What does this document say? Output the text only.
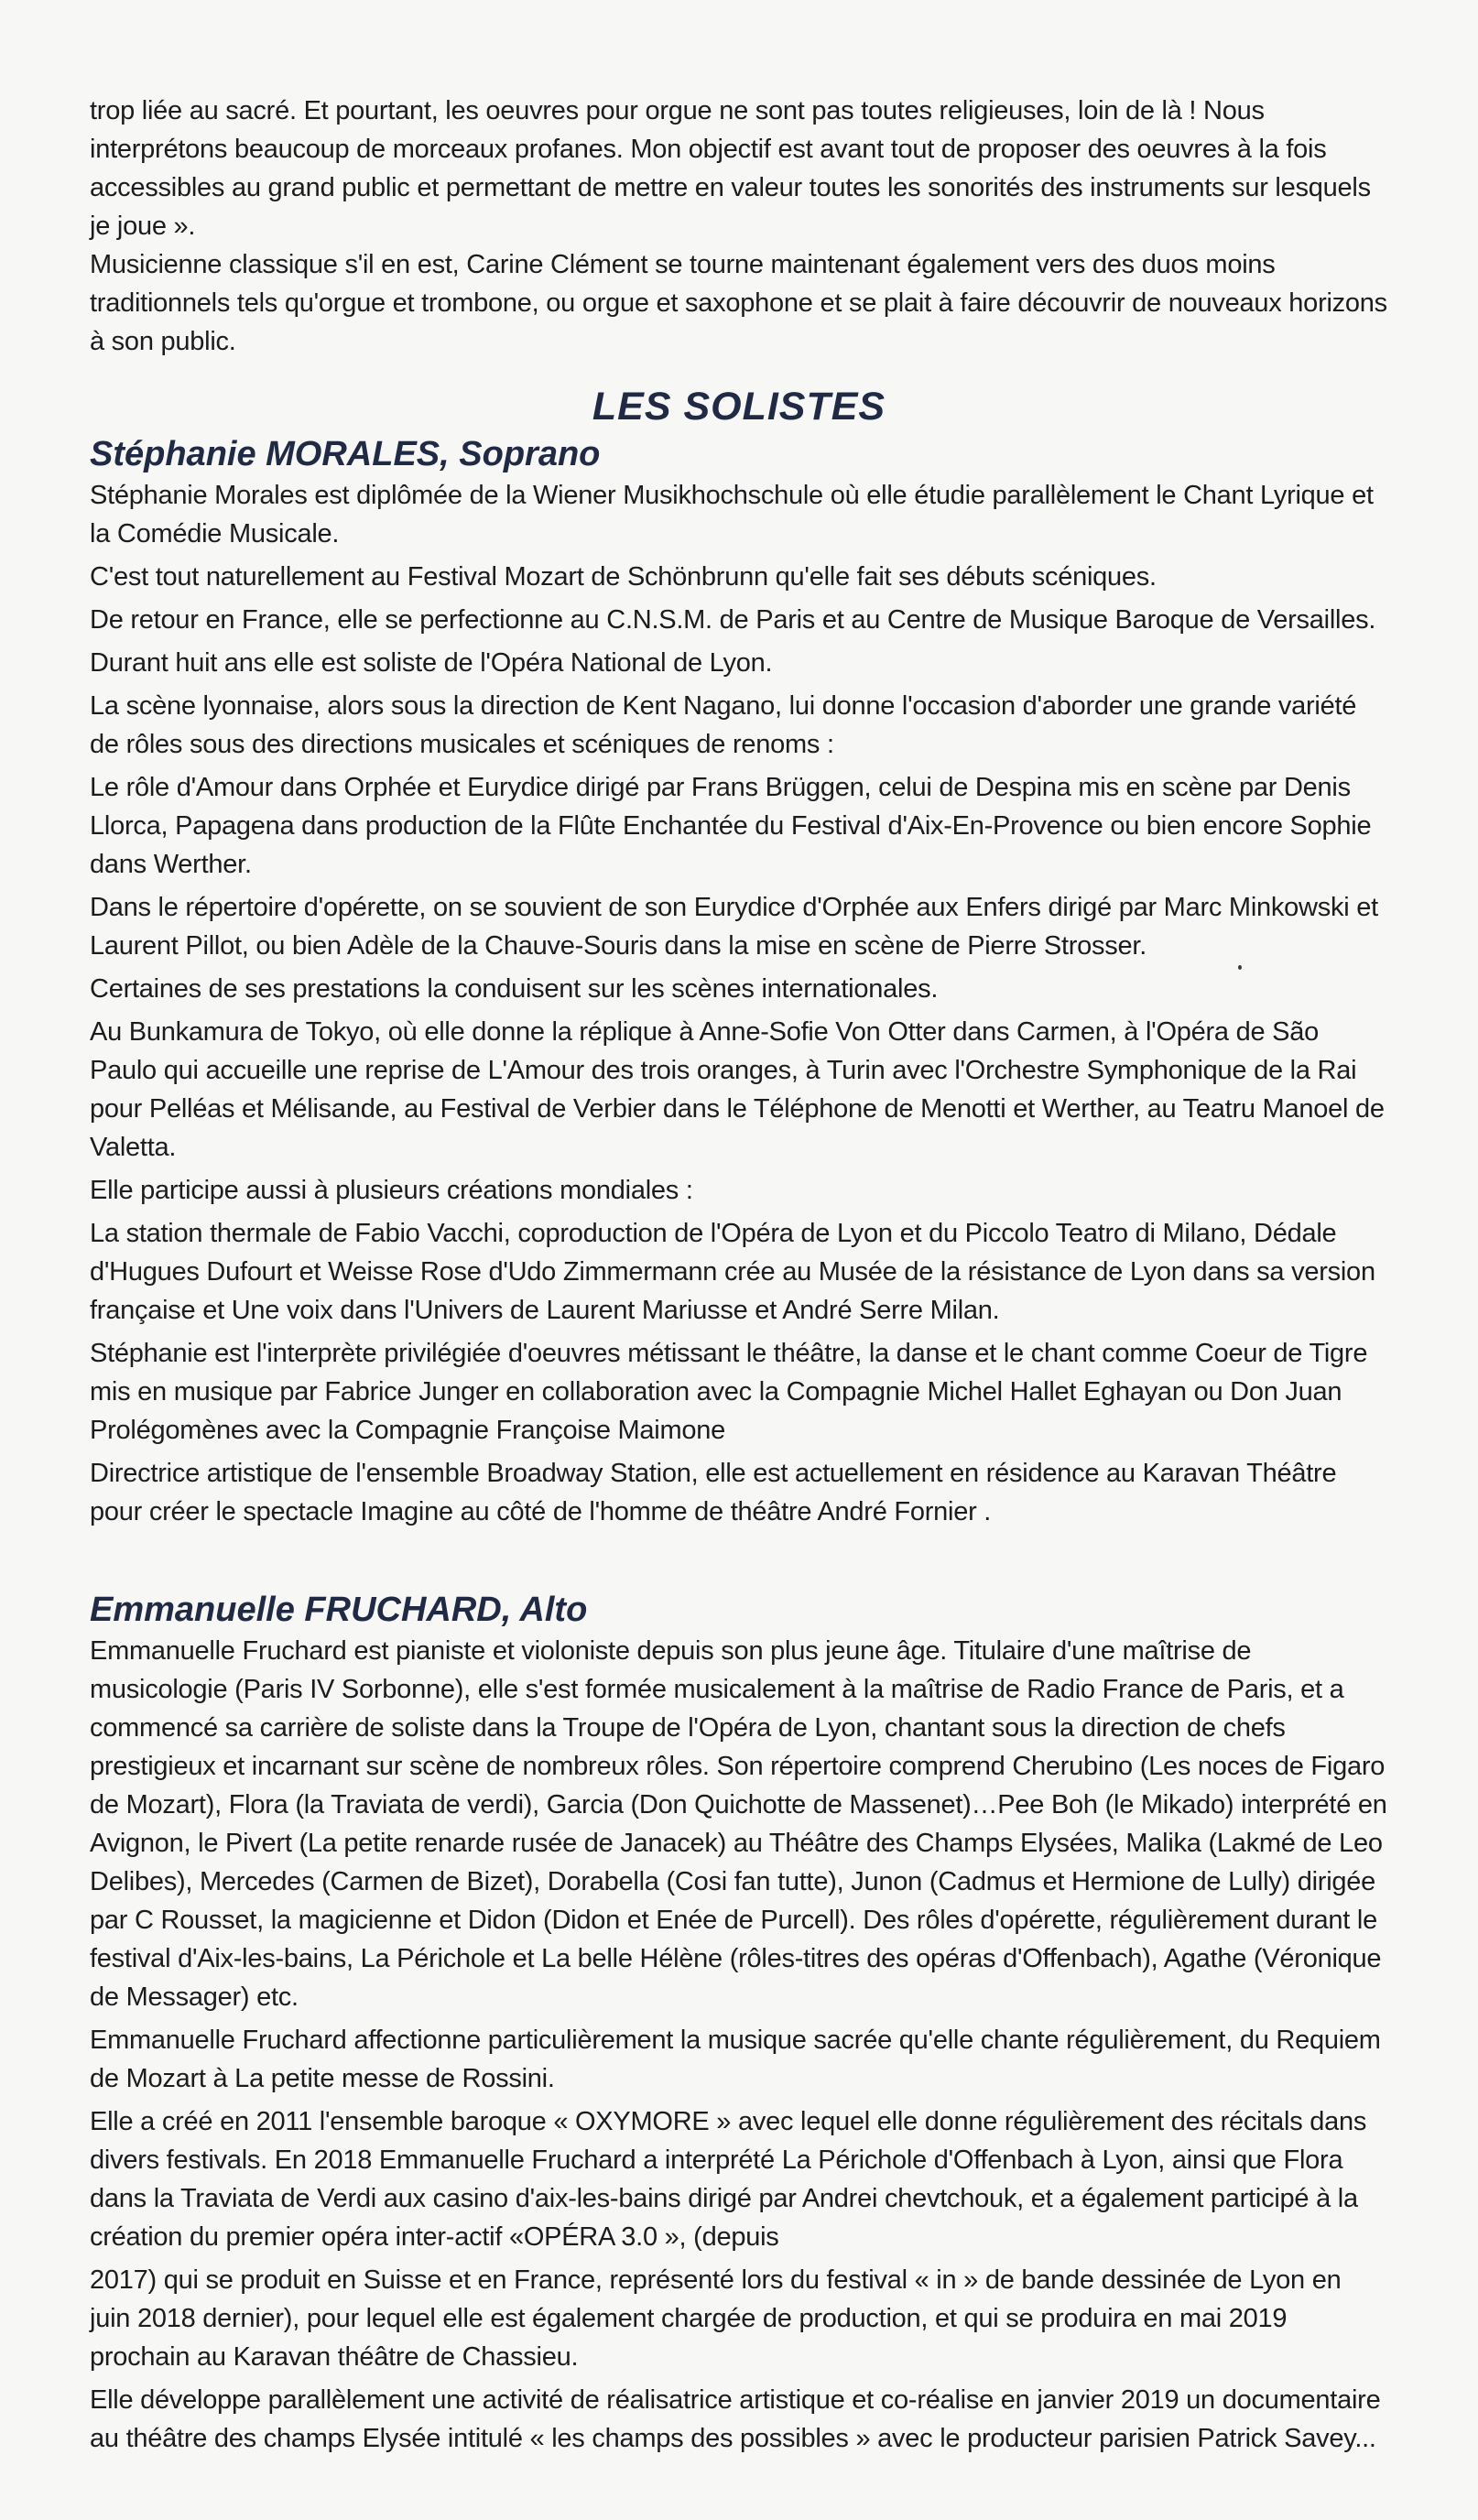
trop liée au sacré. Et pourtant, les oeuvres pour orgue ne sont pas toutes religieuses, loin de là ! Nous interprétons beaucoup de morceaux profanes. Mon objectif est avant tout de proposer des oeuvres à la fois accessibles au grand public et permettant de mettre en valeur toutes les sonorités des instruments sur lesquels je joue ».

Musicienne classique s'il en est, Carine Clément se tourne maintenant également vers des duos moins traditionnels tels qu'orgue et trombone, ou orgue et saxophone et se plait à faire découvrir de nouveaux horizons à son public.

LES SOLISTES
Stéphanie MORALES, Soprano

Stéphanie Morales est diplômée de la Wiener Musikhochschule où elle étudie parallèlement le Chant Lyrique et la Comédie Musicale.

C'est tout naturellement au Festival Mozart de Schönbrunn qu'elle fait ses débuts scéniques.

De retour en France, elle se perfectionne au C.N.S.M. de Paris et au Centre de Musique Baroque de Versailles.

Durant huit ans elle est soliste de l'Opéra National de Lyon.

La scène lyonnaise, alors sous la direction de Kent Nagano, lui donne l'occasion d'aborder une grande variété de rôles sous des directions musicales et scéniques de renoms :

Le rôle d'Amour dans Orphée et Eurydice dirigé par Frans Brüggen, celui de Despina mis en scène par Denis Llorca, Papagena dans production de la Flûte Enchantée du Festival d'Aix-En-Provence ou bien encore Sophie dans Werther.

Dans le répertoire d'opérette, on se souvient de son Eurydice d'Orphée aux Enfers dirigé par Marc Minkowski et Laurent Pillot, ou bien Adèle de la Chauve-Souris dans la mise en scène de Pierre Strosser.

Certaines de ses prestations la conduisent sur les scènes internationales.

Au Bunkamura de Tokyo, où elle donne la réplique à Anne-Sofie Von Otter dans Carmen, à l'Opéra de São Paulo qui accueille une reprise de L'Amour des trois oranges, à Turin avec l'Orchestre Symphonique de la Rai pour Pelléas et Mélisande, au Festival de Verbier dans le Téléphone de Menotti et Werther, au Teatru Manoel de Valetta.

Elle participe aussi à plusieurs créations mondiales :

La station thermale de Fabio Vacchi, coproduction de l'Opéra de Lyon et du Piccolo Teatro di Milano, Dédale d'Hugues Dufourt et Weisse Rose d'Udo Zimmermann crée au Musée de la résistance de Lyon dans sa version française et Une voix dans l'Univers de Laurent Mariusse et André Serre Milan.

Stéphanie est l'interprète privilégiée d'oeuvres métissant le théâtre, la danse et le chant comme Coeur de Tigre mis en musique par Fabrice Junger en collaboration avec la Compagnie Michel Hallet Eghayan ou Don Juan Prolégomènes avec la Compagnie Françoise Maimone

Directrice artistique de l'ensemble Broadway Station, elle est actuellement en résidence au Karavan Théâtre pour créer le spectacle Imagine au côté de l'homme de théâtre André Fornier .

Emmanuelle FRUCHARD, Alto

Emmanuelle Fruchard est pianiste et violoniste depuis son plus jeune âge. Titulaire d'une maîtrise de musicologie (Paris IV Sorbonne), elle s'est formée musicalement à la maîtrise de Radio France de Paris, et a commencé sa carrière de soliste dans la Troupe de l'Opéra de Lyon, chantant sous la direction de chefs prestigieux et incarnant sur scène de nombreux rôles. Son répertoire comprend Cherubino (Les noces de Figaro de Mozart), Flora (la Traviata de verdi), Garcia (Don Quichotte de Massenet)…Pee Boh (le Mikado) interprété en Avignon, le Pivert (La petite renarde rusée de Janacek) au Théâtre des Champs Elysées, Malika (Lakmé de Leo Delibes), Mercedes (Carmen de Bizet), Dorabella (Cosi fan tutte), Junon (Cadmus et Hermione de Lully) dirigée par C Rousset, la magicienne et Didon (Didon et Enée de Purcell). Des rôles d'opérette, régulièrement durant le festival d'Aix-les-bains, La Périchole et La belle Hélène (rôles-titres des opéras d'Offenbach), Agathe (Véronique de Messager) etc.

Emmanuelle Fruchard affectionne particulièrement la musique sacrée qu'elle chante régulièrement, du Requiem de Mozart à La petite messe de Rossini.

Elle a créé en 2011 l'ensemble baroque « OXYMORE » avec lequel elle donne régulièrement des récitals dans divers festivals. En 2018 Emmanuelle Fruchard a interprété La Périchole d'Offenbach à Lyon, ainsi que Flora dans la Traviata de Verdi aux casino d'aix-les-bains dirigé par Andrei chevtchouk, et a également participé à la création du premier opéra inter-actif «OPÉRA 3.0 », (depuis

2017) qui se produit en Suisse et en France, représenté lors du festival « in » de bande dessinée de Lyon en juin 2018 dernier), pour lequel elle est également chargée de production, et qui se produira en mai 2019 prochain au Karavan théâtre de Chassieu.

Elle développe parallèlement une activité de réalisatrice artistique et co-réalise en janvier 2019 un documentaire au théâtre des champs Elysée intitulé « les champs des possibles » avec le producteur parisien Patrick Savey...
